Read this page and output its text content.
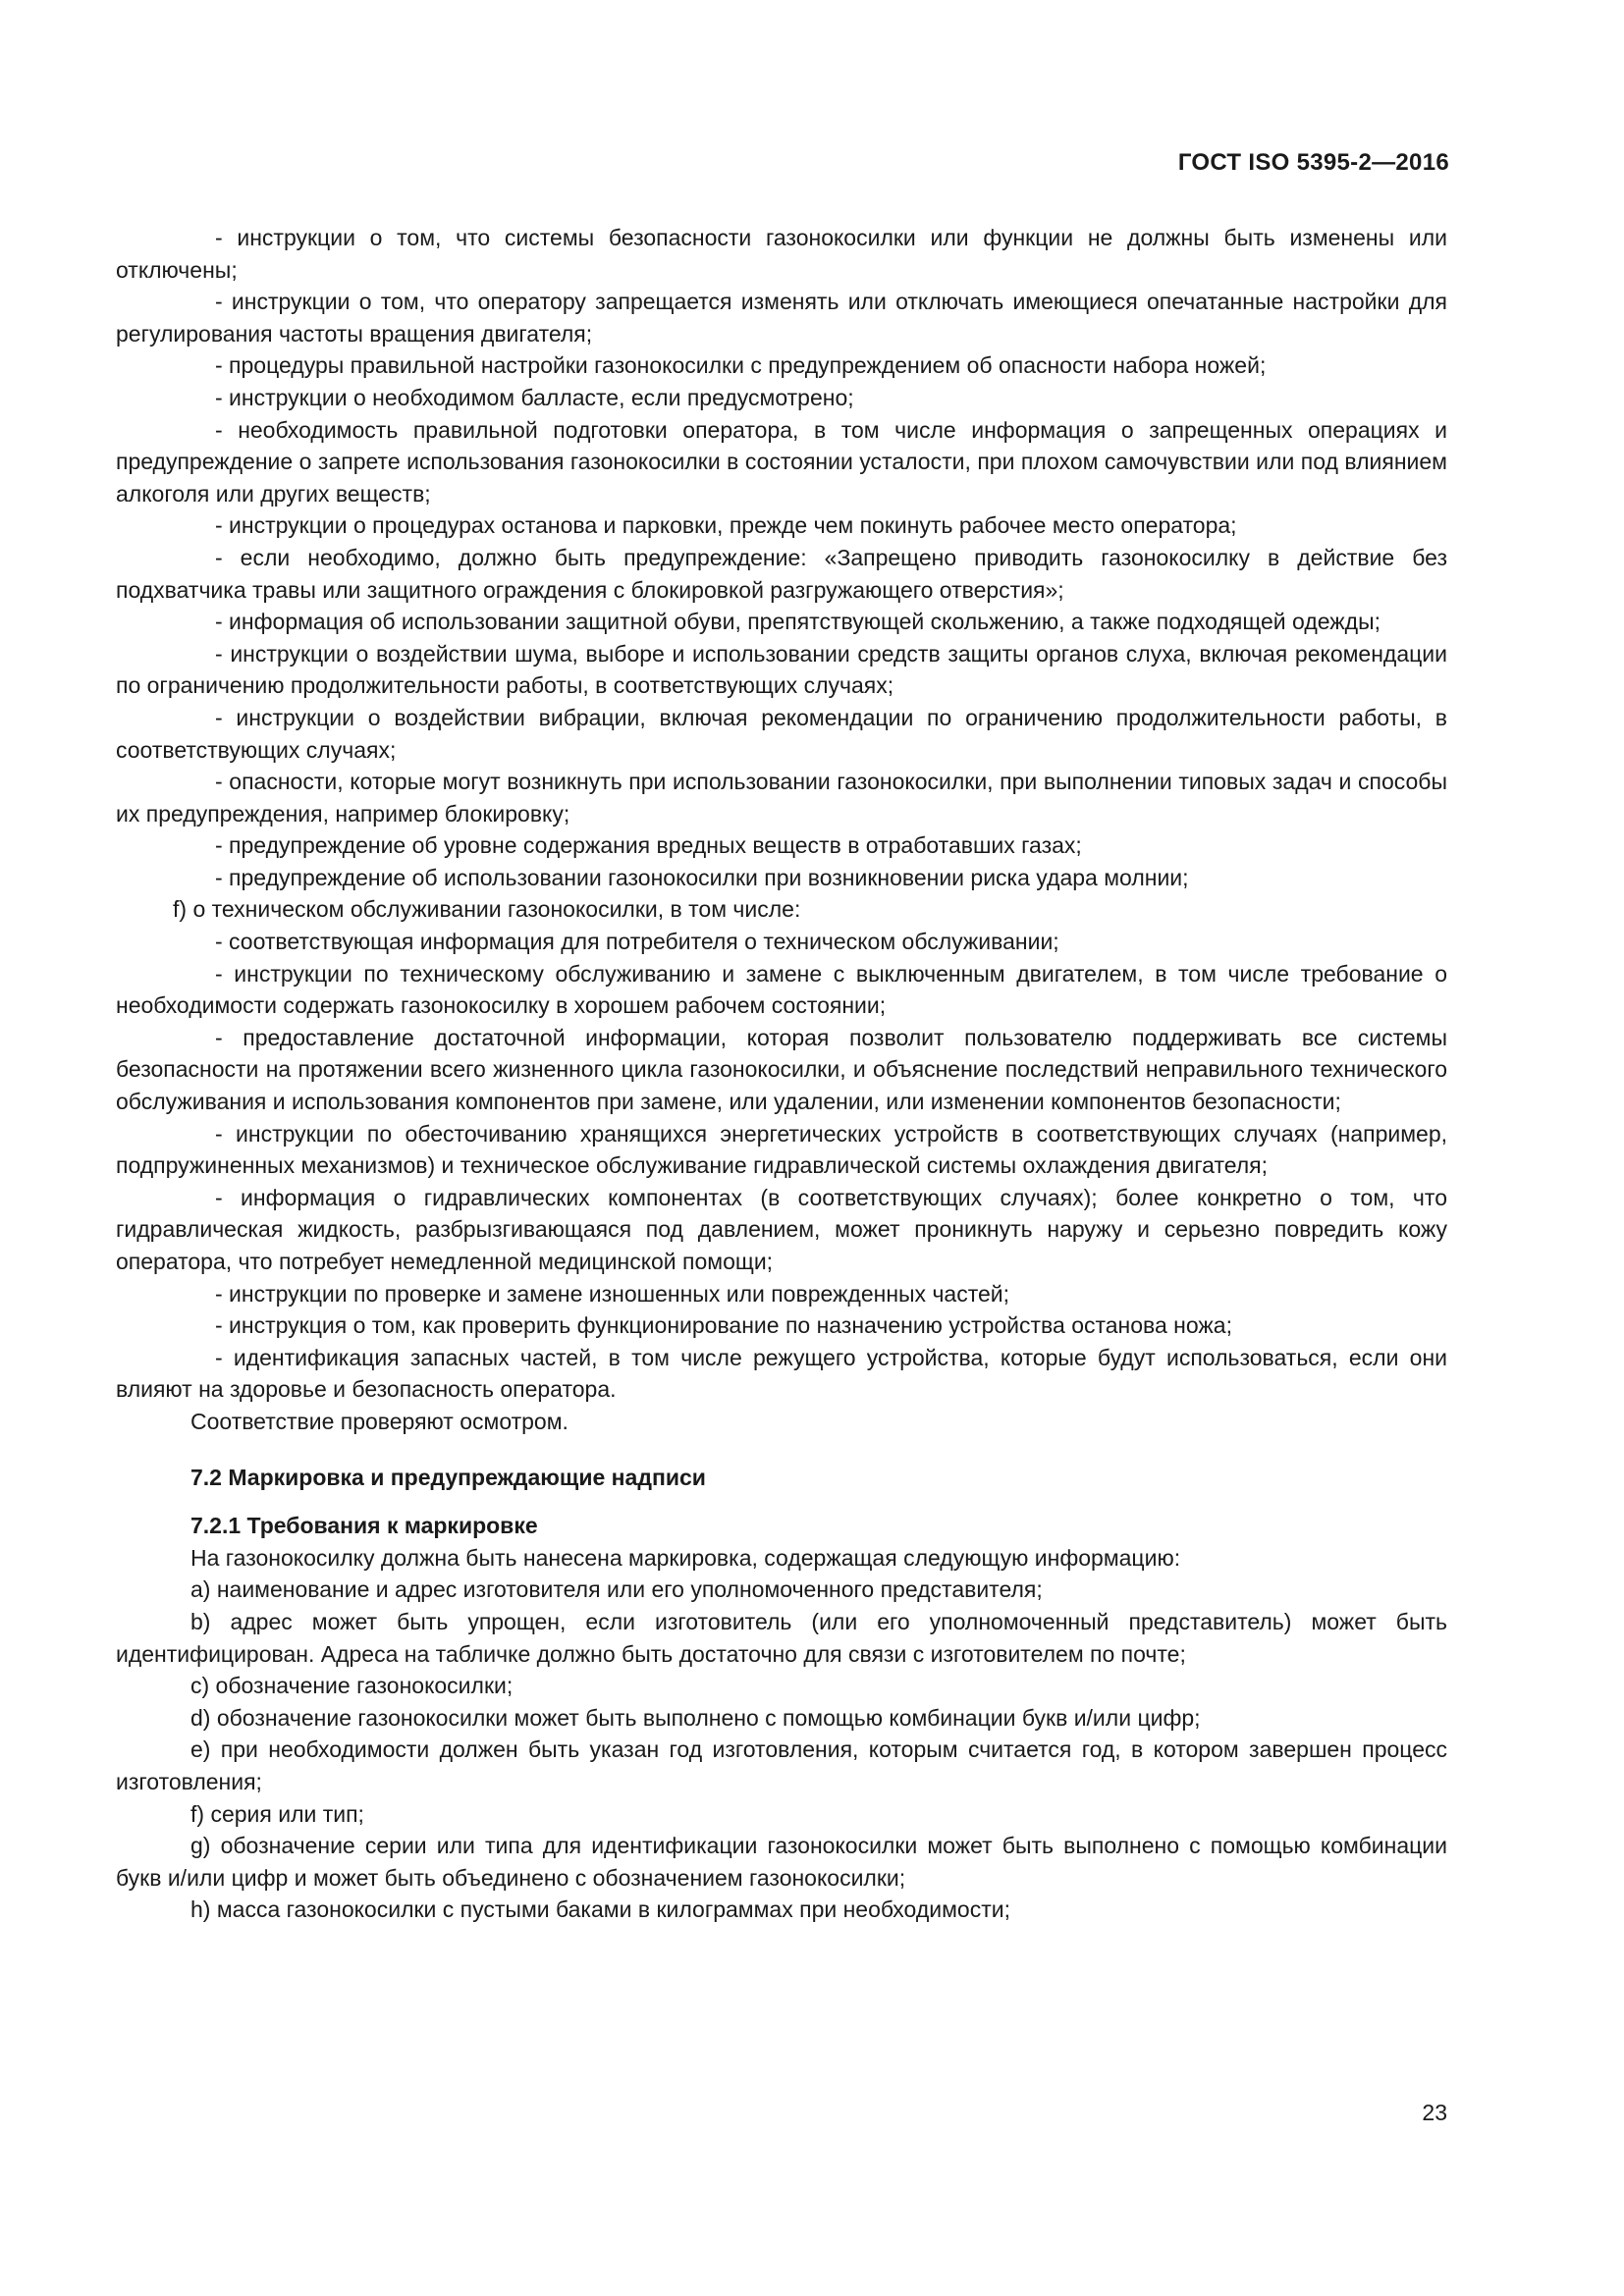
ГОСТ ISO 5395-2—2016

- инструкции о том, что системы безопасности газонокосилки или функции не должны быть изменены или отключены;

- инструкции о том, что оператору запрещается изменять или отключать имеющиеся опечатанные настройки для регулирования частоты вращения двигателя;

- процедуры правильной настройки газонокосилки с предупреждением об опасности набора ножей;

- инструкции о необходимом балласте, если предусмотрено;

- необходимость правильной подготовки оператора, в том числе информация о запрещенных операциях и предупреждение о запрете использования газонокосилки в состоянии усталости, при плохом самочувствии или под влиянием алкоголя или других веществ;

- инструкции о процедурах останова и парковки, прежде чем покинуть рабочее место оператора;

- если необходимо, должно быть предупреждение: «Запрещено приводить газонокосилку в действие без подхватчика травы или защитного ограждения с блокировкой разгружающего отверстия»;

- информация об использовании защитной обуви, препятствующей скольжению, а также подходящей одежды;

- инструкции о воздействии шума, выборе и использовании средств защиты органов слуха, включая рекомендации по ограничению продолжительности работы, в соответствующих случаях;

- инструкции о воздействии вибрации, включая рекомендации по ограничению продолжительности работы, в соответствующих случаях;

- опасности, которые могут возникнуть при использовании газонокосилки, при выполнении типовых задач и способы их предупреждения, например блокировку;

- предупреждение об уровне содержания вредных веществ в отработавших газах;

- предупреждение об использовании газонокосилки при возникновении риска удара молнии;

f) о техническом обслуживании газонокосилки, в том числе:

- соответствующая информация для потребителя о техническом обслуживании;

- инструкции по техническому обслуживанию и замене с выключенным двигателем, в том числе требование о необходимости содержать газонокосилку в хорошем рабочем состоянии;

- предоставление достаточной информации, которая позволит пользователю поддерживать все системы безопасности на протяжении всего жизненного цикла газонокосилки, и объяснение последствий неправильного технического обслуживания и использования компонентов при замене, или удалении, или изменении компонентов безопасности;

- инструкции по обесточиванию хранящихся энергетических устройств в соответствующих случаях (например, подпружиненных механизмов) и техническое обслуживание гидравлической системы охлаждения двигателя;

- информация о гидравлических компонентах (в соответствующих случаях); более конкретно о том, что гидравлическая жидкость, разбрызгивающаяся под давлением, может проникнуть наружу и серьезно повредить кожу оператора, что потребует немедленной медицинской помощи;

- инструкции по проверке и замене изношенных или поврежденных частей;

- инструкция о том, как проверить функционирование по назначению устройства останова ножа;

- идентификация запасных частей, в том числе режущего устройства, которые будут использоваться, если они влияют на здоровье и безопасность оператора.

Соответствие проверяют осмотром.

7.2 Маркировка и предупреждающие надписи
7.2.1 Требования к маркировке

На газонокосилку должна быть нанесена маркировка, содержащая следующую информацию:

a) наименование и адрес изготовителя или его уполномоченного представителя;

b) адрес может быть упрощен, если изготовитель (или его уполномоченный представитель) может быть идентифицирован. Адреса на табличке должно быть достаточно для связи с изготовителем по почте;

c) обозначение газонокосилки;

d) обозначение газонокосилки может быть выполнено с помощью комбинации букв и/или цифр;

e) при необходимости должен быть указан год изготовления, которым считается год, в котором завершен процесс изготовления;

f) серия или тип;

g) обозначение серии или типа для идентификации газонокосилки может быть выполнено с помощью комбинации букв и/или цифр и может быть объединено с обозначением газонокосилки;

h) масса газонокосилки с пустыми баками в килограммах при необходимости;

23
